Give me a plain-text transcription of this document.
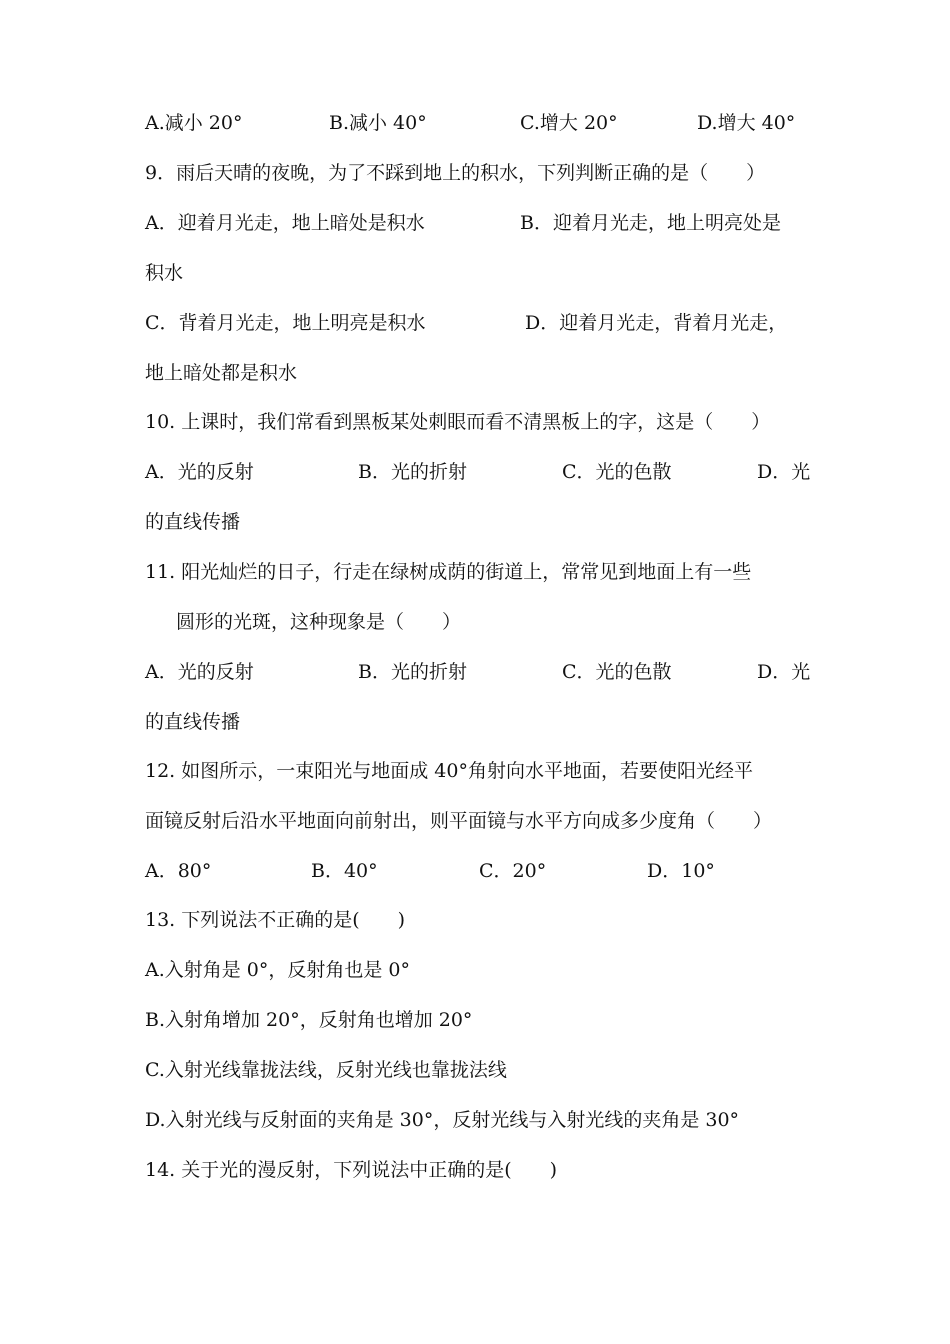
A.减小 20°	B.减小 40°	C.增大 20°	D.增大 40°
9．雨后天晴的夜晚，为了不踩到地上的积水，下列判断正确的是（　　）
A．迎着月光走，地上暗处是积水	B．迎着月光走，地上明亮处是
积水
C．背着月光走，地上明亮是积水	D．迎着月光走，背着月光走，
地上暗处都是积水
10. 上课时，我们常看到黑板某处刺眼而看不清黑板上的字，这是（　　）
A．光的反射	B．光的折射	C．光的色散	D．光
的直线传播
11. 阳光灿烂的日子，行走在绿树成荫的街道上，常常见到地面上有一些
圆形的光斑，这种现象是（　　）
A．光的反射	B．光的折射	C．光的色散	D．光
的直线传播
12. 如图所示，一束阳光与地面成 40°角射向水平地面，若要使阳光经平
面镜反射后沿水平地面向前射出，则平面镜与水平方向成多少度角（　　）
A．80°	B．40°	C．20°	D．10°
13. 下列说法不正确的是(　　)
A.入射角是 0°，反射角也是 0°
B.入射角增加 20°，反射角也增加 20°
C.入射光线靠拢法线，反射光线也靠拢法线
D.入射光线与反射面的夹角是 30°，反射光线与入射光线的夹角是 30°
14. 关于光的漫反射，下列说法中正确的是(　　)
